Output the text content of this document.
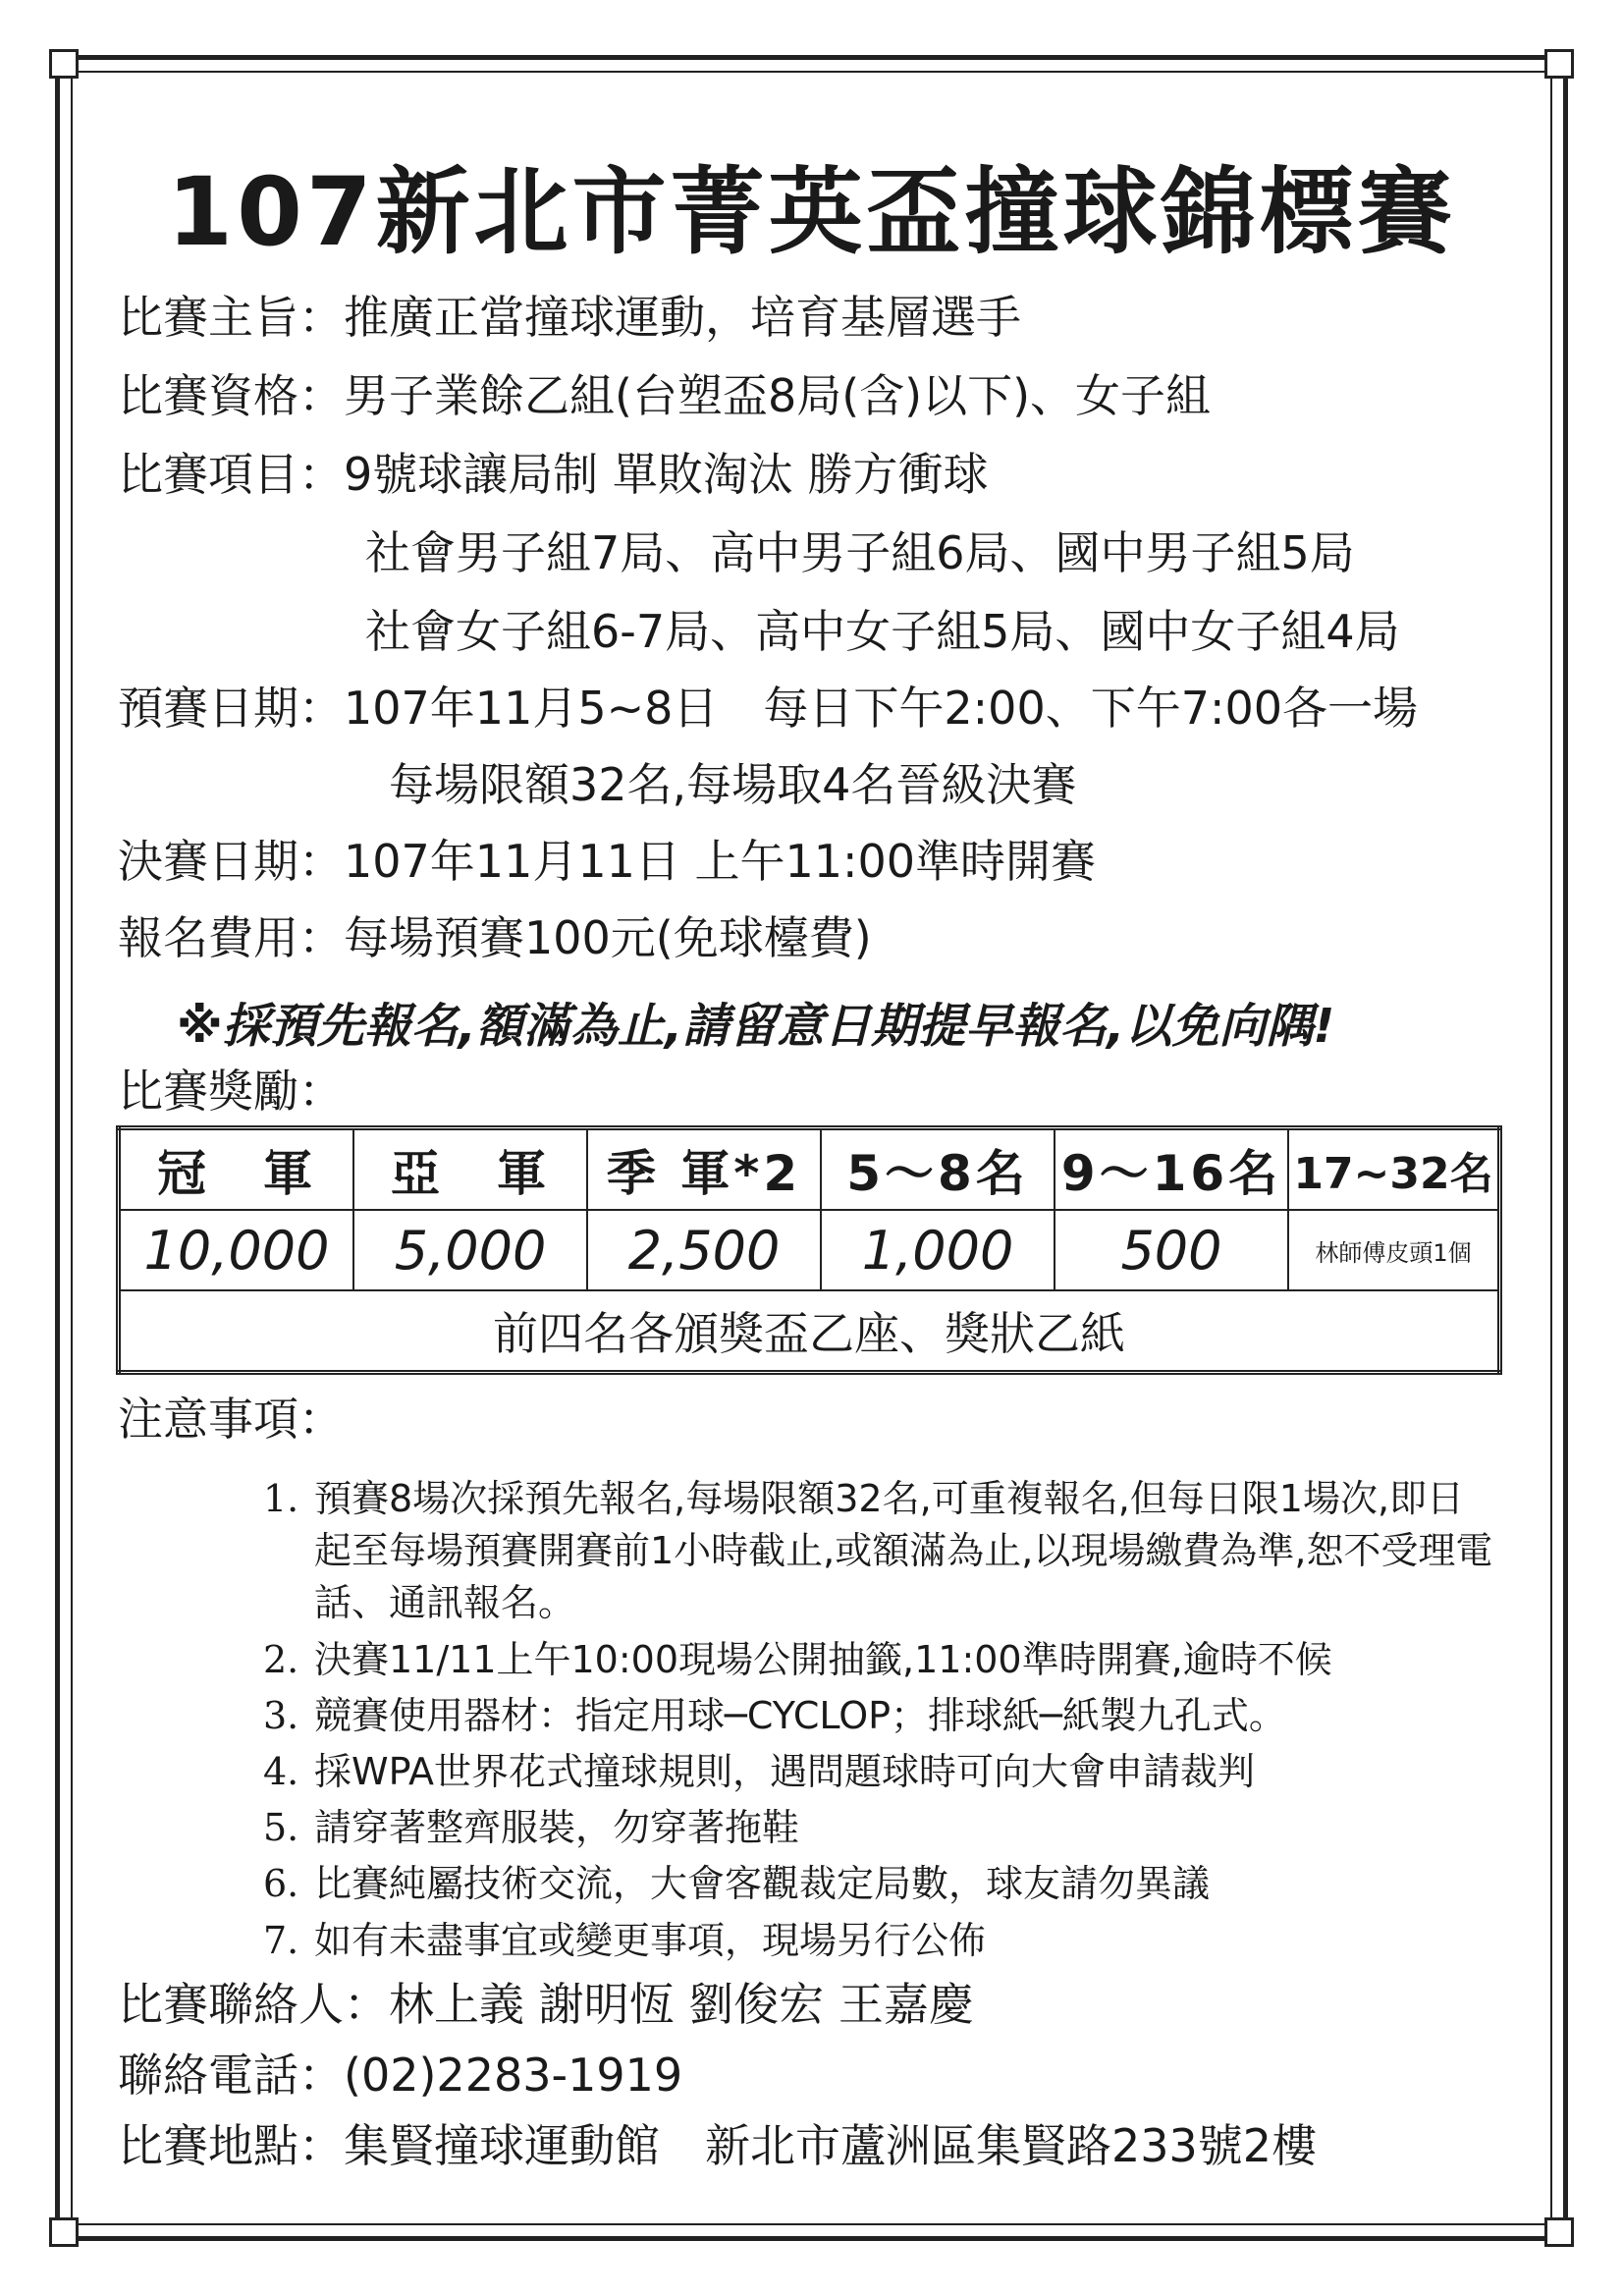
107新北市菁英盃撞球錦標賽
比賽主旨：推廣正當撞球運動，培育基層選手
比賽資格：男子業餘乙組(台塑盃8局(含)以下)、女子組
比賽項目：9號球讓局制 單敗淘汰 勝方衝球
社會男子組7局、高中男子組6局、國中男子組5局
社會女子組6-7局、高中女子組5局、國中女子組4局
預賽日期：107年11月5~8日　每日下午2:00、下午7:00各一場
每場限額32名,每場取4名晉級決賽
決賽日期：107年11月11日 上午11:00準時開賽
報名費用：每場預賽100元(免球檯費)
※採預先報名,額滿為止,請留意日期提早報名,以免向隅!
比賽獎勵：
冠　軍	亞　軍	季 軍*2	5～8名	9～16名	17~32名
10,000	5,000	2,500	1,000	500	林師傅皮頭1個
前四名各頒獎盃乙座、獎狀乙紙					
注意事項：
1. 預賽8場次採預先報名,每場限額32名,可重複報名,但每日限1場次,即日起至每場預賽開賽前1小時截止,或額滿為止,以現場繳費為準,恕不受理電話、通訊報名。
2. 決賽11/11上午10:00現場公開抽籤,11:00準時開賽,逾時不候
3. 競賽使用器材：指定用球─CYCLOP；排球紙─紙製九孔式。
4. 採WPA世界花式撞球規則，遇問題球時可向大會申請裁判
5. 請穿著整齊服裝，勿穿著拖鞋
6. 比賽純屬技術交流，大會客觀裁定局數，球友請勿異議
7. 如有未盡事宜或變更事項，現場另行公佈
比賽聯絡人：林上義 謝明恆 劉俊宏 王嘉慶
聯絡電話：(02)2283-1919
比賽地點：集賢撞球運動館　新北市蘆洲區集賢路233號2樓
